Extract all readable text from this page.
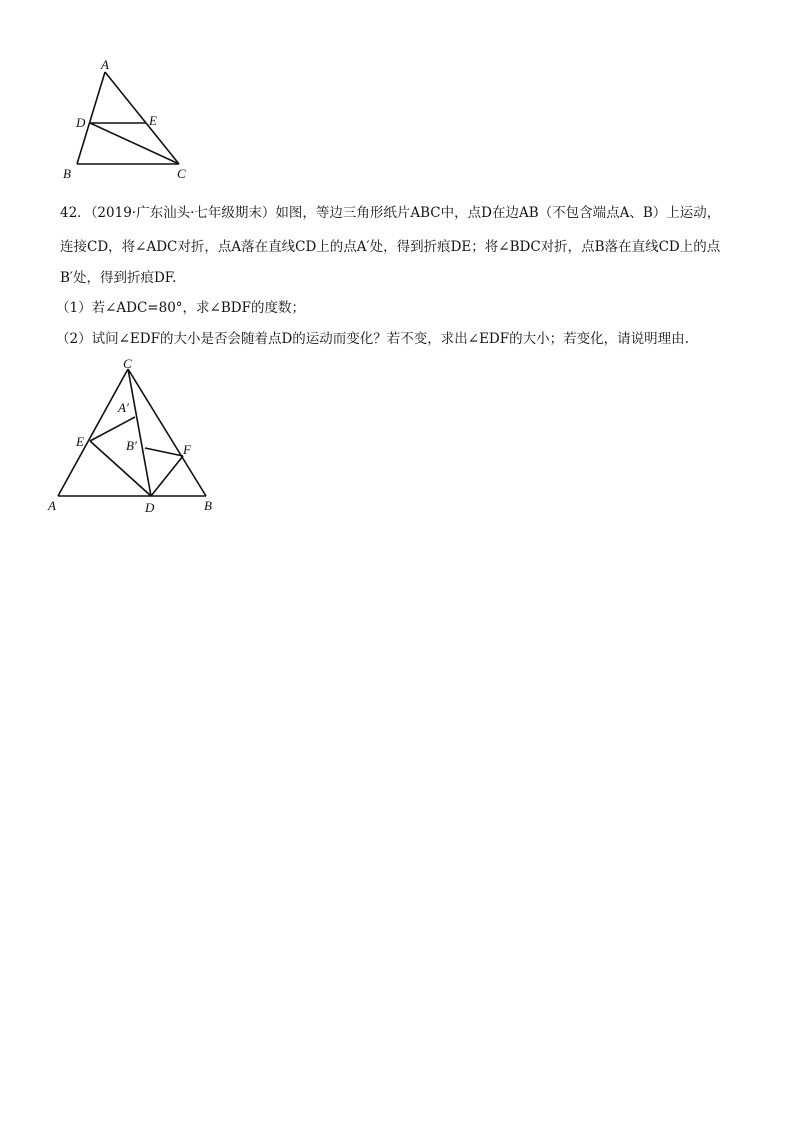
A
D	E
B	C
42．（2019·广东汕头·七年级期末）如图，等边三角形纸片ABC中，点D在边AB（不包含端点A、B）上运动，
连接CD，将∠ADC对折，点A落在直线CD上的点A′处，得到折痕DE；将∠BDC对折，点B落在直线CD上的点
B′处，得到折痕DF.
（1）若∠ADC=80°，求∠BDF的度数；
（2）试问∠EDF的大小是否会随着点D的运动而变化？若不变，求出∠EDF的大小；若变化，请说明理由.
C
A′
E	B′	F
A	D	B
